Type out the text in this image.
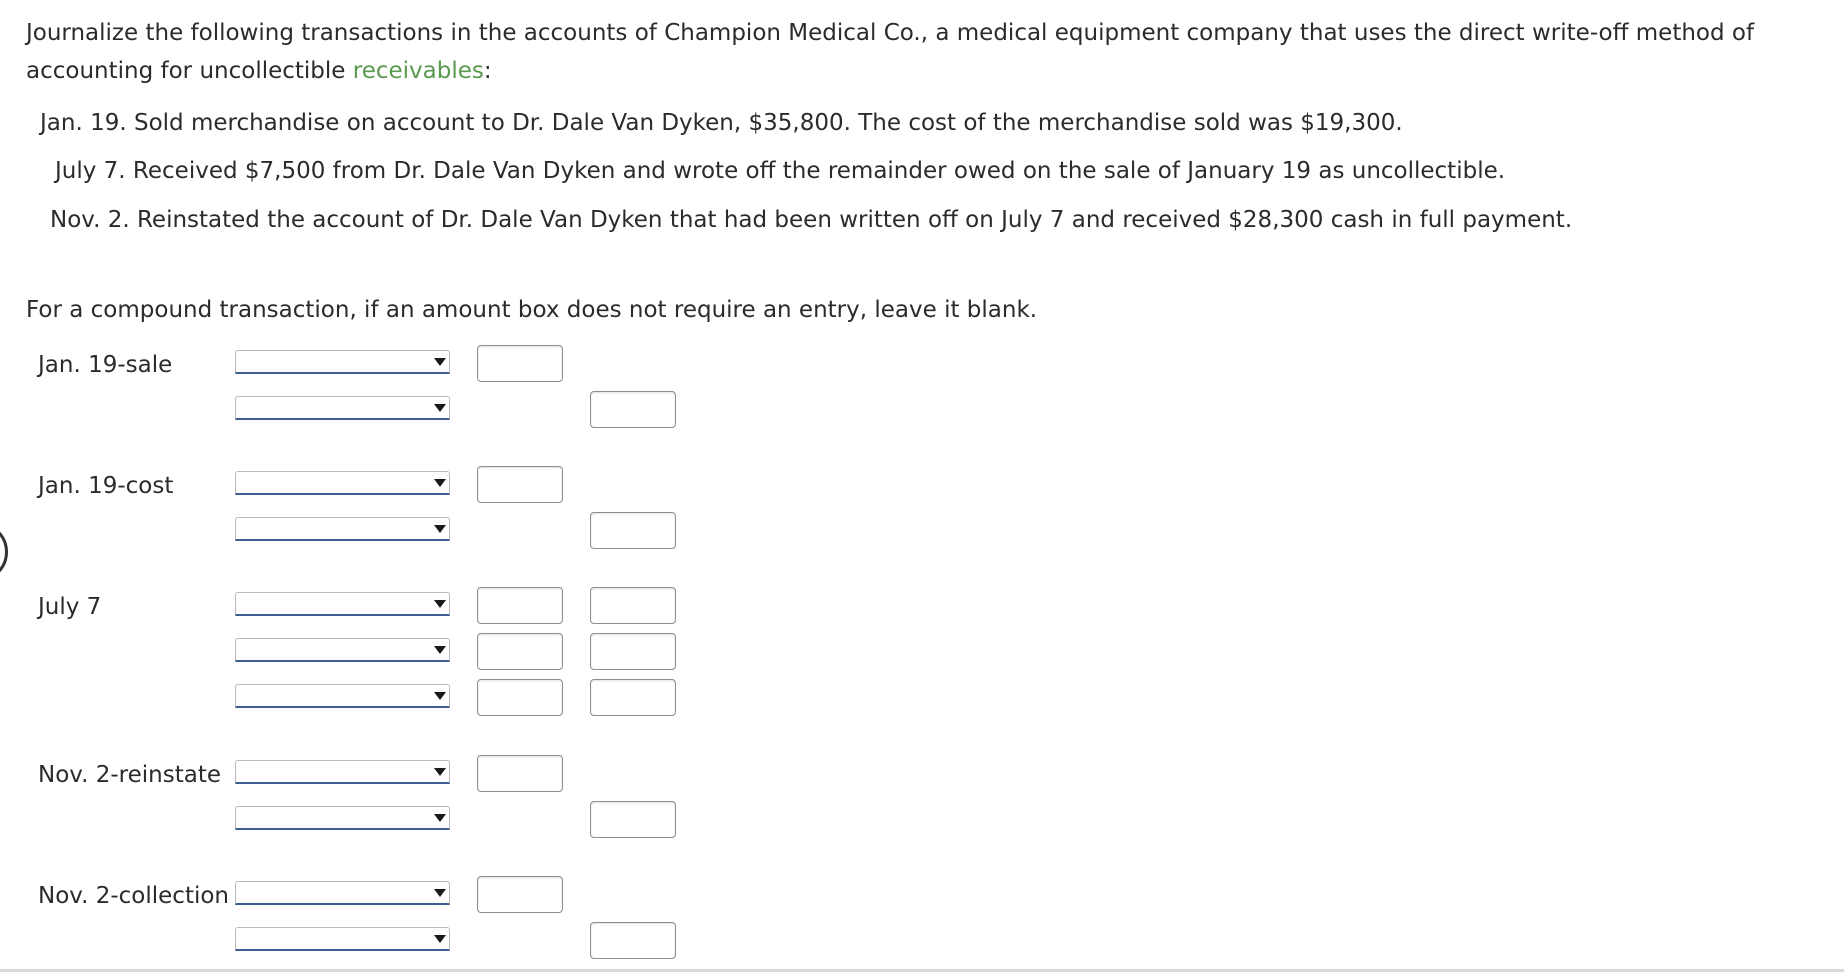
Journalize the following transactions in the accounts of Champion Medical Co., a medical equipment company that uses the direct write-off method of accounting for uncollectible receivables:
Jan. 19. Sold merchandise on account to Dr. Dale Van Dyken, $35,800. The cost of the merchandise sold was $19,300.
July 7. Received $7,500 from Dr. Dale Van Dyken and wrote off the remainder owed on the sale of January 19 as uncollectible.
Nov. 2. Reinstated the account of Dr. Dale Van Dyken that had been written off on July 7 and received $28,300 cash in full payment.
For a compound transaction, if an amount box does not require an entry, leave it blank.
Jan. 19-sale
Jan. 19-cost
July 7
Nov. 2-reinstate
Nov. 2-collection
